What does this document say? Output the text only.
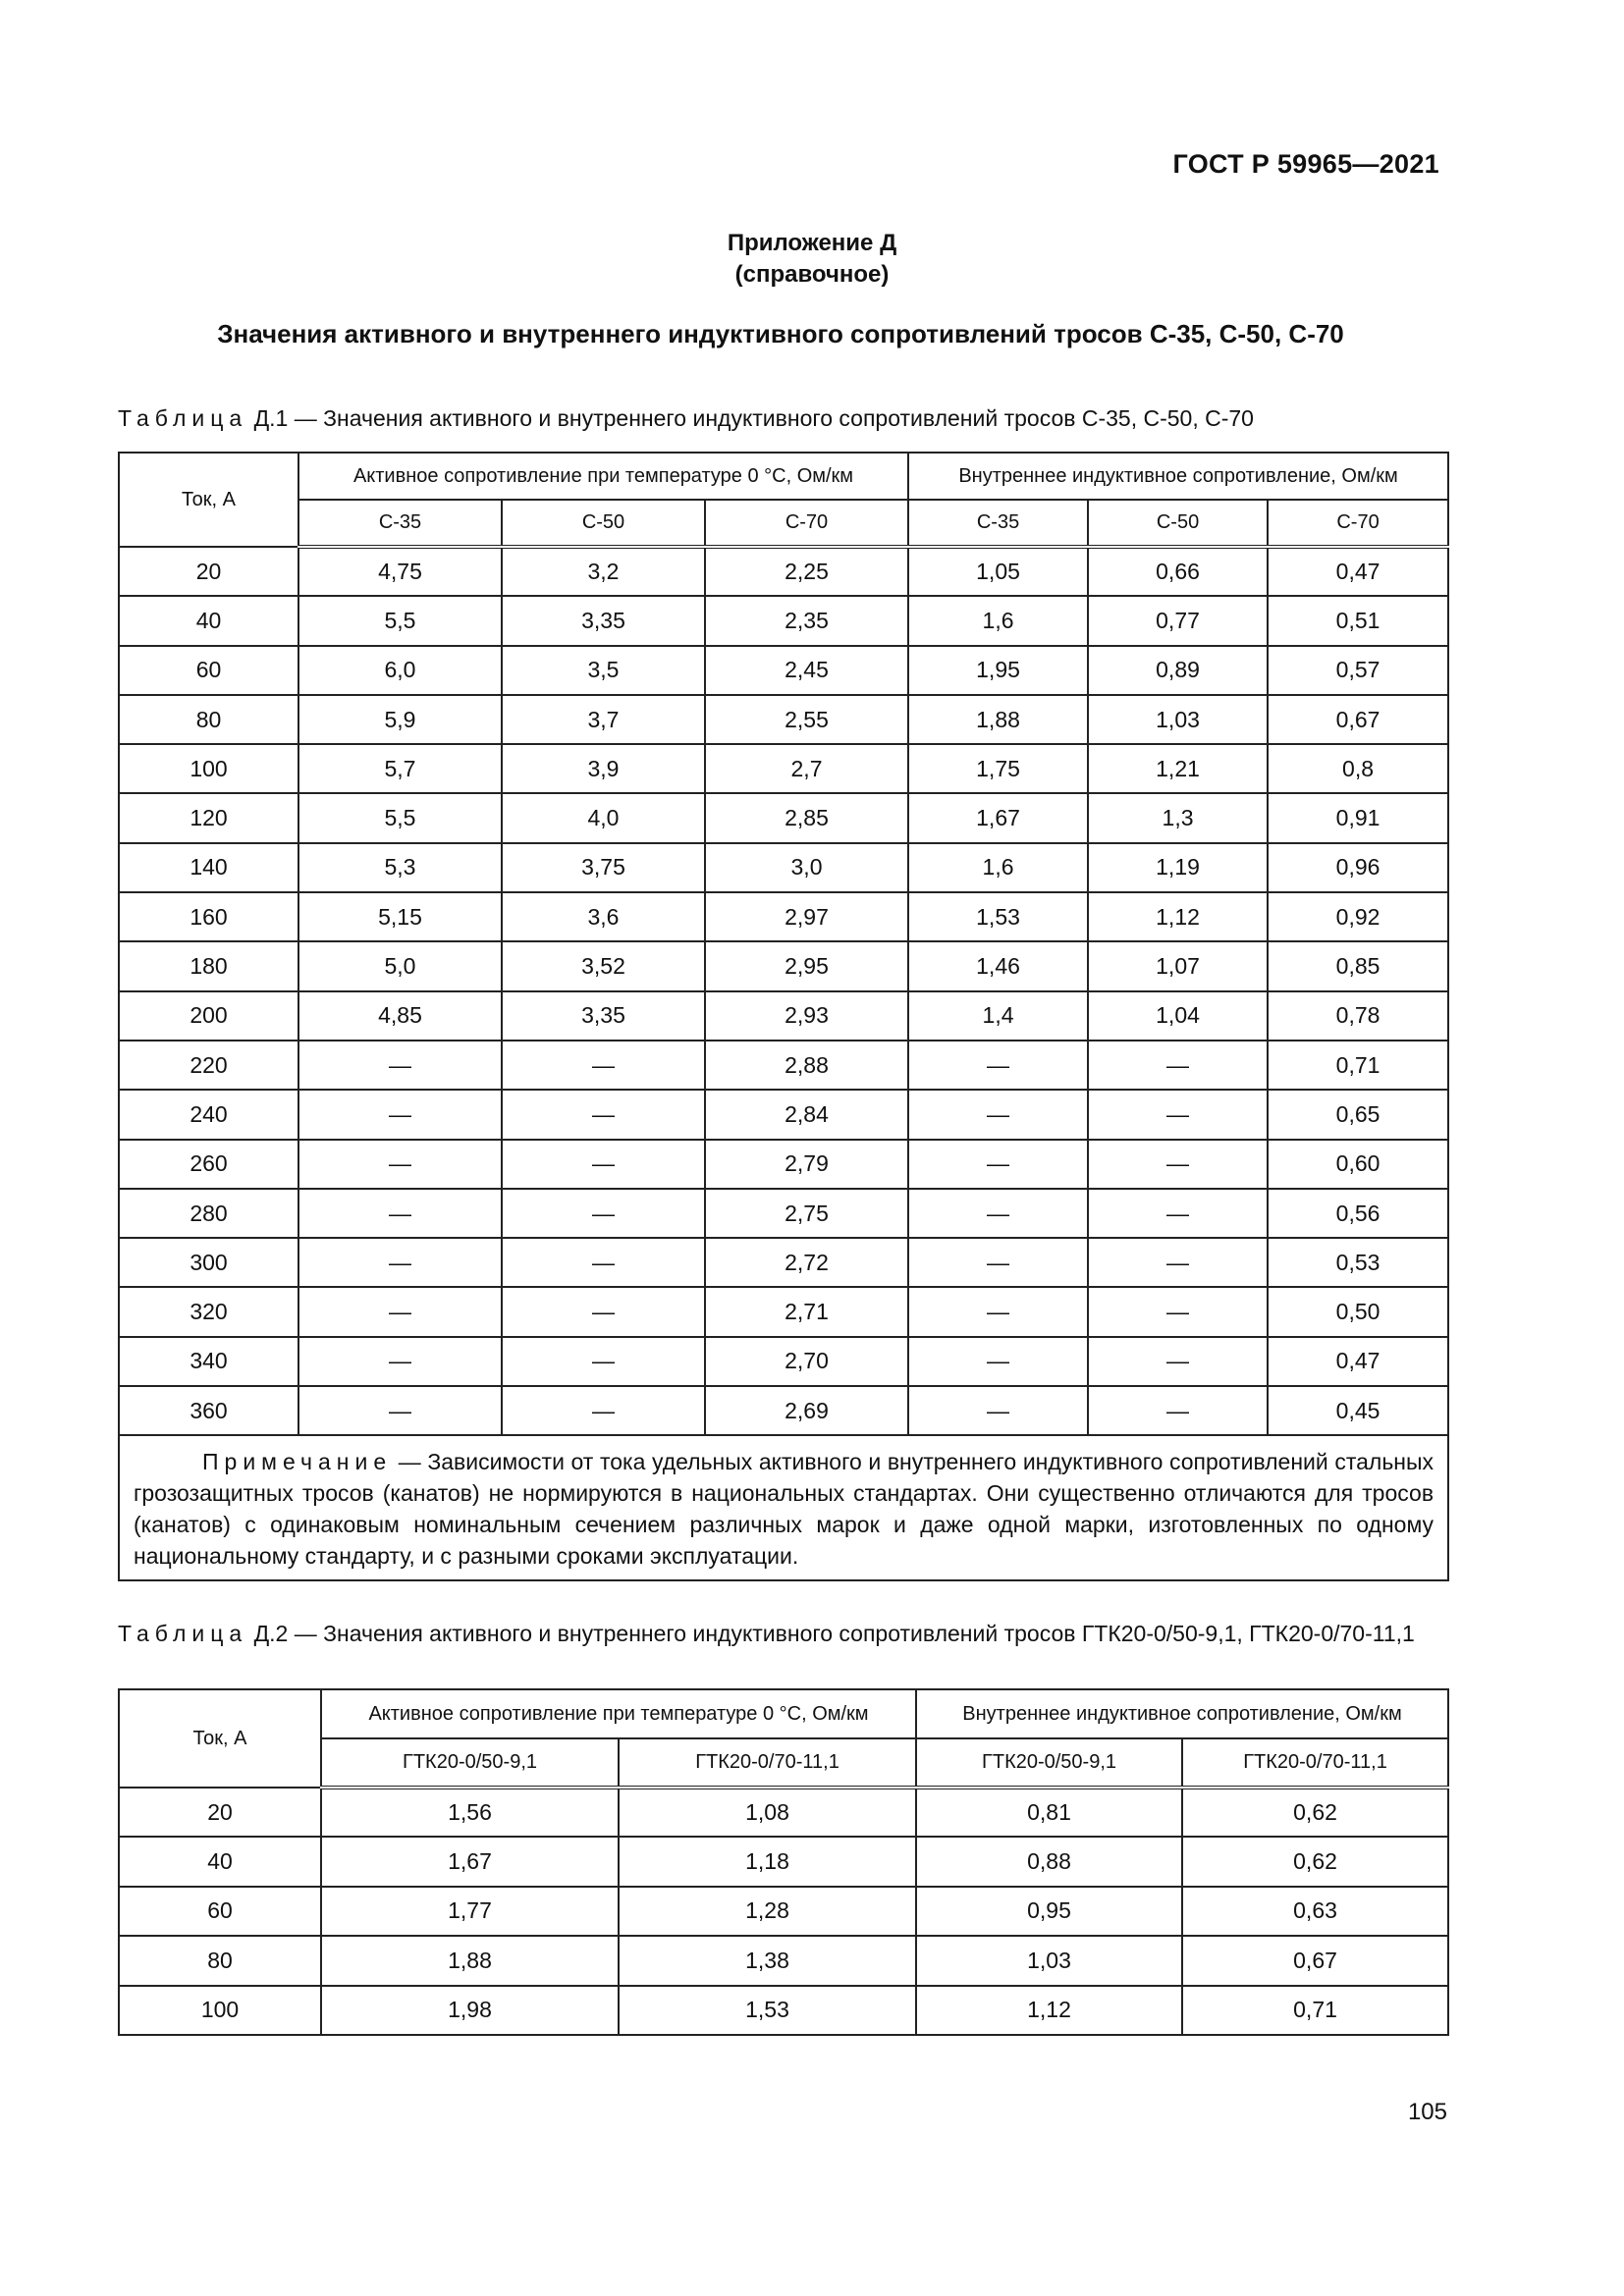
ГОСТ Р 59965—2021
Приложение Д
(справочное)
Значения активного и внутреннего индуктивного сопротивлений тросов С-35, С-50, С-70
Таблица Д.1 — Значения активного и внутреннего индуктивного сопротивлений тросов С-35, С-50, С-70
Ток, А	Активное сопротивление при температуре 0 °С, Ом/км			Внутреннее индуктивное сопротивление, Ом/км		
	С-35	С-50	С-70	С-35	С-50	С-70
20	4,75	3,2	2,25	1,05	0,66	0,47
40	5,5	3,35	2,35	1,6	0,77	0,51
60	6,0	3,5	2,45	1,95	0,89	0,57
80	5,9	3,7	2,55	1,88	1,03	0,67
100	5,7	3,9	2,7	1,75	1,21	0,8
120	5,5	4,0	2,85	1,67	1,3	0,91
140	5,3	3,75	3,0	1,6	1,19	0,96
160	5,15	3,6	2,97	1,53	1,12	0,92
180	5,0	3,52	2,95	1,46	1,07	0,85
200	4,85	3,35	2,93	1,4	1,04	0,78
220	—	—	2,88	—	—	0,71
240	—	—	2,84	—	—	0,65
260	—	—	2,79	—	—	0,60
280	—	—	2,75	—	—	0,56
300	—	—	2,72	—	—	0,53
320	—	—	2,71	—	—	0,50
340	—	—	2,70	—	—	0,47
360	—	—	2,69	—	—	0,45
Примечание — Зависимости от тока удельных активного и внутреннего индуктивного сопротивлений стальных грозозащитных тросов (канатов) не нормируются в национальных стандартах. Они существенно отличаются для тросов (канатов) с одинаковым номинальным сечением различных марок и даже одной марки, изготовленных по одному национальному стандарту, и с разными сроками эксплуатации.						
Таблица Д.2 — Значения активного и внутреннего индуктивного сопротивлений тросов ГТК20-0/50-9,1, ГТК20-0/70-11,1
Ток, А	Активное сопротивление при температуре 0 °С, Ом/км		Внутреннее индуктивное сопротивление, Ом/км	
	ГТК20-0/50-9,1	ГТК20-0/70-11,1	ГТК20-0/50-9,1	ГТК20-0/70-11,1
20	1,56	1,08	0,81	0,62
40	1,67	1,18	0,88	0,62
60	1,77	1,28	0,95	0,63
80	1,88	1,38	1,03	0,67
100	1,98	1,53	1,12	0,71
105
